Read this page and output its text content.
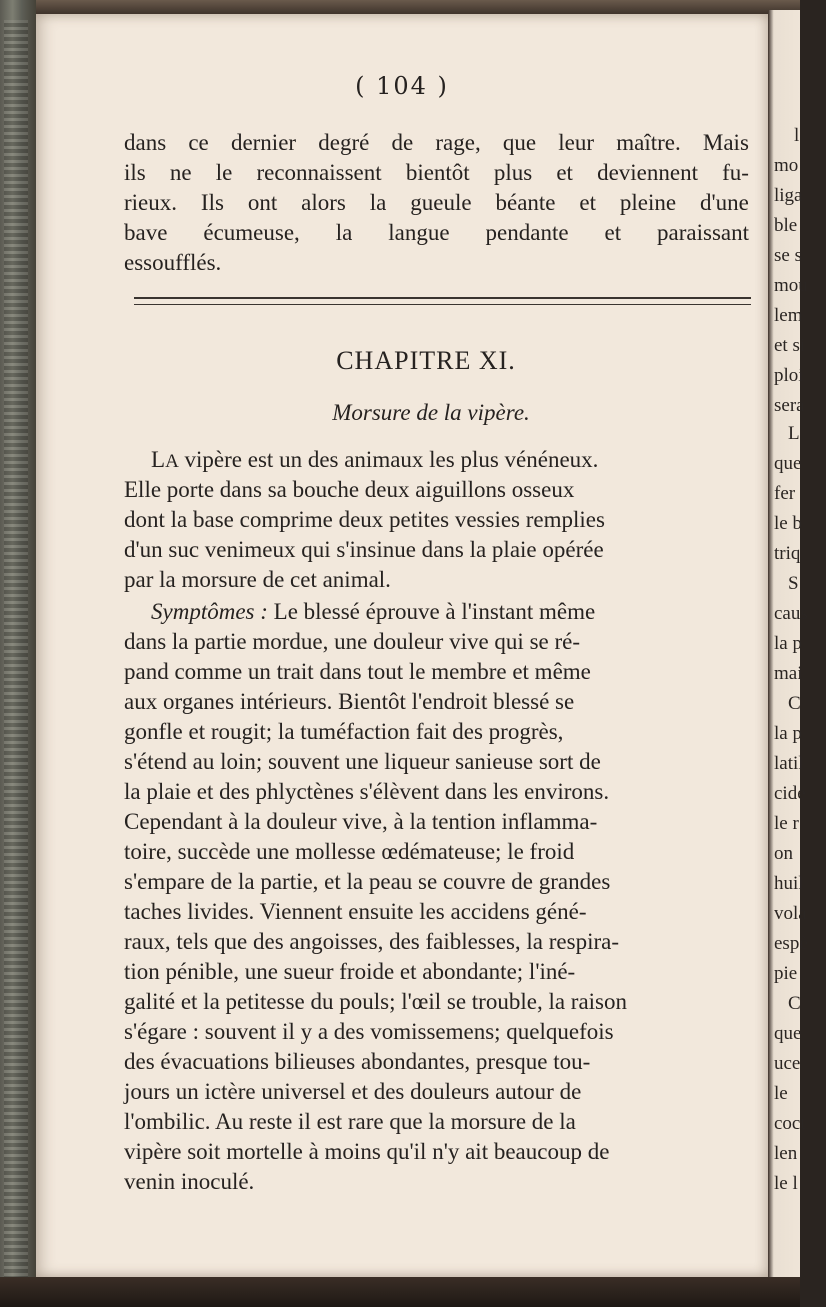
( 104 )
dans ce dernier degré de rage, que leur maître. Mais
ils ne le reconnaissent bientôt plus et deviennent fu-
rieux. Ils ont alors la gueule béante et pleine d'une
bave écumeuse, la langue pendante et paraissant
essoufflés.
CHAPITRE XI.
Morsure de la vipère.
LA vipère est un des animaux les plus vénéneux.
Elle porte dans sa bouche deux aiguillons osseux
dont la base comprime deux petites vessies remplies
d'un suc venimeux qui s'insinue dans la plaie opérée
par la morsure de cet animal.
Symptômes : Le blessé éprouve à l'instant même
dans la partie mordue, une douleur vive qui se ré-
pand comme un trait dans tout le membre et même
aux organes intérieurs. Bientôt l'endroit blessé se
gonfle et rougit; la tuméfaction fait des progrès,
s'étend au loin; souvent une liqueur sanieuse sort de
la plaie et des phlyctènes s'élèvent dans les environs.
Cependant à la douleur vive, à la tention inflamma-
toire, succède une mollesse œdémateuse; le froid
s'empare de la partie, et la peau se couvre de grandes
taches livides. Viennent ensuite les accidens géné-
raux, tels que des angoisses, des faiblesses, la respira-
tion pénible, une sueur froide et abondante; l'iné-
galité et la petitesse du pouls; l'œil se trouble, la raison
s'égare : souvent il y a des vomissemens; quelquefois
des évacuations bilieuses abondantes, presque tou-
jours un ictère universel et des douleurs autour de
l'ombilic. Au reste il est rare que la morsure de la
vipère soit mortelle à moins qu'il n'y ait beaucoup de
venin inoculé.
l
mo
liga
ble
se s
mou
lem
et si
ploi
sera
L
que
fer
le b
triq
S
caus
la p
mai
C
la p
latil
cide
le r
on
huil
vola
espè
pie
C
que
uce
le
coct
len
le l
